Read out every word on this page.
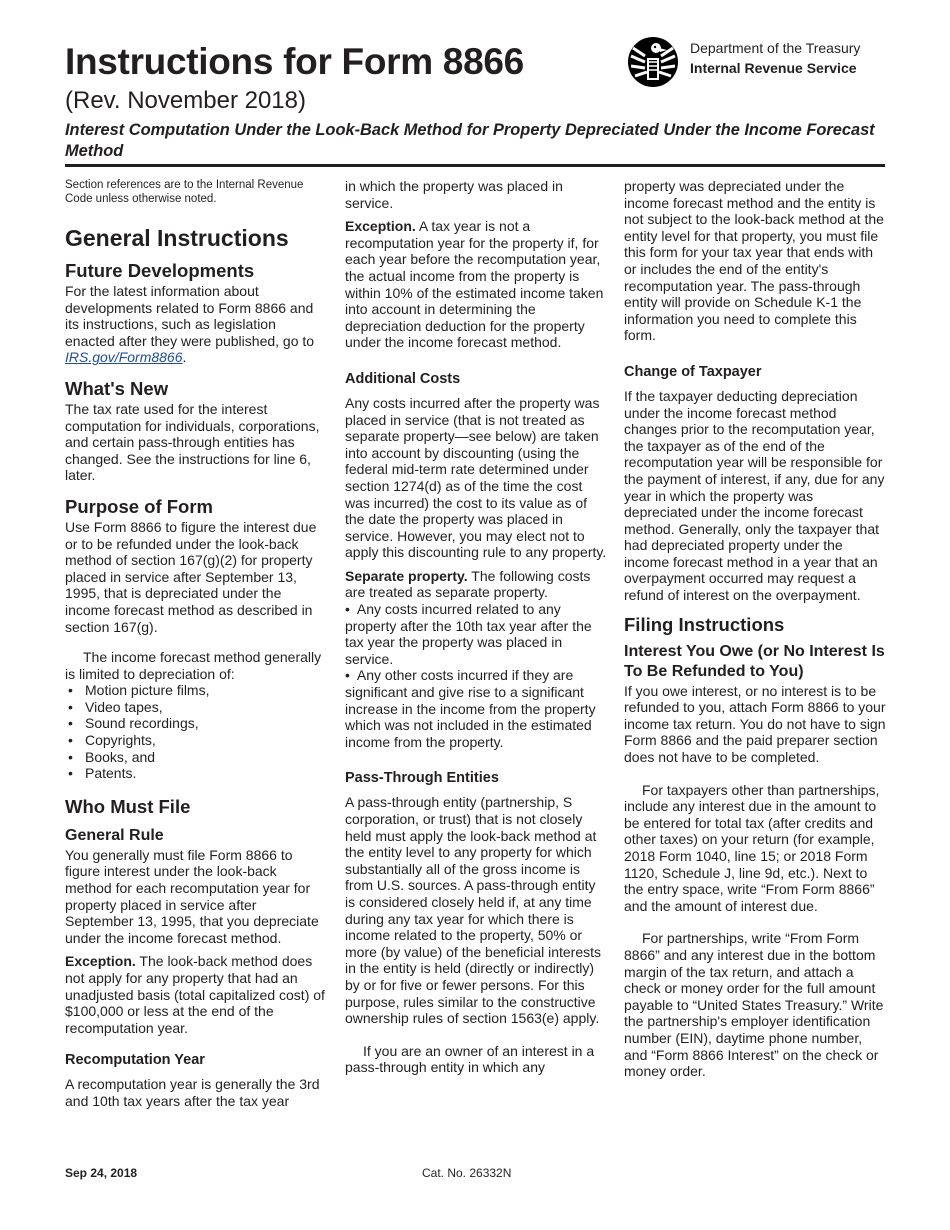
Instructions for Form 8866
(Rev. November 2018)
Interest Computation Under the Look-Back Method for Property Depreciated Under the Income Forecast Method
Department of the Treasury
Internal Revenue Service

Section references are to the Internal Revenue Code unless otherwise noted.

General Instructions
Future Developments

For the latest information about developments related to Form 8866 and its instructions, such as legislation enacted after they were published, go to IRS.gov/Form8866.

What's New

The tax rate used for the interest computation for individuals, corporations, and certain pass-through entities has changed. See the instructions for line 6, later.

Purpose of Form

Use Form 8866 to figure the interest due or to be refunded under the look-back method of section 167(g)(2) for property placed in service after September 13, 1995, that is depreciated under the income forecast method as described in section 167(g).

The income forecast method generally is limited to depreciation of:

• Motion picture films,
• Video tapes,
• Sound recordings,
• Copyrights,
• Books, and
• Patents.
Who Must File
General Rule

You generally must file Form 8866 to figure interest under the look-back method for each recomputation year for property placed in service after September 13, 1995, that you depreciate under the income forecast method.

Exception. The look-back method does not apply for any property that had an unadjusted basis (total capitalized cost) of $100,000 or less at the end of the recomputation year.

Recomputation Year

A recomputation year is generally the 3rd and 10th tax years after the tax year

in which the property was placed in service.

Exception. A tax year is not a recomputation year for the property if, for each year before the recomputation year, the actual income from the property is within 10% of the estimated income taken into account in determining the depreciation deduction for the property under the income forecast method.

Additional Costs

Any costs incurred after the property was placed in service (that is not treated as separate property—see below) are taken into account by discounting (using the federal mid-term rate determined under section 1274(d) as of the time the cost was incurred) the cost to its value as of the date the property was placed in service. However, you may elect not to apply this discounting rule to any property.

Separate property. The following costs are treated as separate property.

• Any costs incurred related to any property after the 10th tax year after the tax year the property was placed in service.

• Any other costs incurred if they are significant and give rise to a significant increase in the income from the property which was not included in the estimated income from the property.

Pass-Through Entities

A pass-through entity (partnership, S corporation, or trust) that is not closely held must apply the look-back method at the entity level to any property for which substantially all of the gross income is from U.S. sources. A pass-through entity is considered closely held if, at any time during any tax year for which there is income related to the property, 50% or more (by value) of the beneficial interests in the entity is held (directly or indirectly) by or for five or fewer persons. For this purpose, rules similar to the constructive ownership rules of section 1563(e) apply.

If you are an owner of an interest in a pass-through entity in which any

property was depreciated under the income forecast method and the entity is not subject to the look-back method at the entity level for that property, you must file this form for your tax year that ends with or includes the end of the entity's recomputation year. The pass-through entity will provide on Schedule K-1 the information you need to complete this form.

Change of Taxpayer

If the taxpayer deducting depreciation under the income forecast method changes prior to the recomputation year, the taxpayer as of the end of the recomputation year will be responsible for the payment of interest, if any, due for any year in which the property was depreciated under the income forecast method. Generally, only the taxpayer that had depreciated property under the income forecast method in a year that an overpayment occurred may request a refund of interest on the overpayment.

Filing Instructions
Interest You Owe (or No Interest Is To Be Refunded to You)

If you owe interest, or no interest is to be refunded to you, attach Form 8866 to your income tax return. You do not have to sign Form 8866 and the paid preparer section does not have to be completed.

For taxpayers other than partnerships, include any interest due in the amount to be entered for total tax (after credits and other taxes) on your return (for example, 2018 Form 1040, line 15; or 2018 Form 1120, Schedule J, line 9d, etc.). Next to the entry space, write “From Form 8866” and the amount of interest due.

For partnerships, write “From Form 8866” and any interest due in the bottom margin of the tax return, and attach a check or money order for the full amount payable to “United States Treasury.” Write the partnership's employer identification number (EIN), daytime phone number, and “Form 8866 Interest” on the check or money order.

Sep 24, 2018	Cat. No. 26332N
